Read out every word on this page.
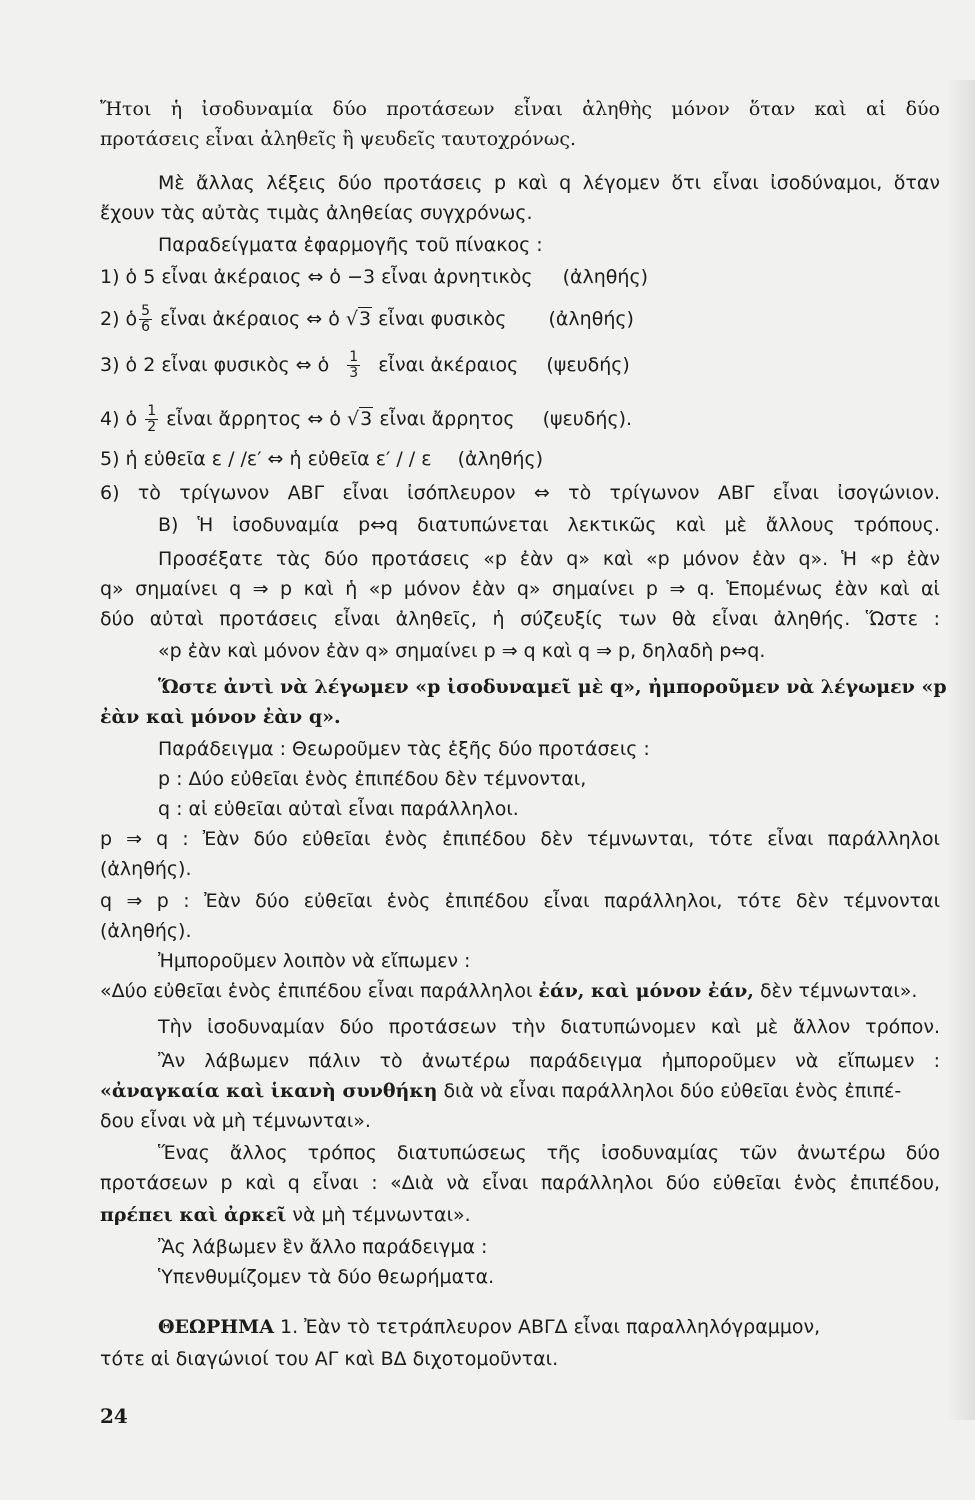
Ἤτοι ἡ ἰσοδυναμία δύο προτάσεων εἶναι ἀληθὴς μόνον ὅταν καὶ αἱ δύο
προτάσεις εἶναι ἀληθεῖς ἢ ψευδεῖς ταυτοχρόνως.
Μὲ ἄλλας λέξεις δύο προτάσεις p καὶ q λέγομεν ὅτι εἶναι ἰσοδύναμοι, ὅταν
ἔχουν τὰς αὐτὰς τιμὰς ἀληθείας συγχρόνως.
Παραδείγματα ἐφαρμογῆς τοῦ πίνακος :
1) ὁ 5 εἶναι ἀκέραιος ⇔ ὁ −3 εἶναι ἀρνητικὸς (ἀληθής)
2) ὁ $\frac{5}{6}$ εἶναι ἀκέραιος ⇔ ὁ √3 εἶναι φυσικὸς (ἀληθής)
3) ὁ 2 εἶναι φυσικὸς ⇔ ὁ $\frac{1}{3}$ εἶναι ἀκέραιος (ψευδής)
4) ὁ $\frac{1}{2}$ εἶναι ἄρρητος ⇔ ὁ √3 εἶναι ἄρρητος (ψευδής).
5) ἡ εὐθεῖα ε / /ε′ ⇔ ἡ εὐθεῖα ε′ / / ε (ἀληθής)
6) τὸ τρίγωνον ΑΒΓ εἶναι ἰσόπλευρον ⇔ τὸ τρίγωνον ΑΒΓ εἶναι ἰσογώνιον.
Β) Ἡ ἰσοδυναμία p⇔q διατυπώνεται λεκτικῶς καὶ μὲ ἄλλους τρόπους.
Προσέξατε τὰς δύο προτάσεις «p ἐὰν q» καὶ «p μόνον ἐὰν q». Ἡ «p ἐὰν
q» σημαίνει q ⇒ p καὶ ἡ «p μόνον ἐὰν q» σημαίνει p ⇒ q. Ἑπομένως ἐὰν καὶ αἱ
δύο αὐταὶ προτάσεις εἶναι ἀληθεῖς, ἡ σύζευξίς των θὰ εἶναι ἀληθής. Ὥστε :
«p ἐὰν καὶ μόνον ἐὰν q» σημαίνει p ⇒ q καὶ q ⇒ p, δηλαδὴ p⇔q.
Ὥστε ἀντὶ νὰ λέγωμεν «p ἰσοδυναμεῖ μὲ q», ἠμποροῦμεν νὰ λέγωμεν «p
ἐὰν καὶ μόνον ἐὰν q».
Παράδειγμα : Θεωροῦμεν τὰς ἑξῆς δύο προτάσεις :
p : Δύο εὐθεῖαι ἑνὸς ἐπιπέδου δὲν τέμνονται,
q : αἱ εὐθεῖαι αὐταὶ εἶναι παράλληλοι.
p ⇒ q : Ἐὰν δύο εὐθεῖαι ἑνὸς ἐπιπέδου δὲν τέμνωνται, τότε εἶναι παράλληλοι
(ἀληθής).
q ⇒ p : Ἐὰν δύο εὐθεῖαι ἑνὸς ἐπιπέδου εἶναι παράλληλοι, τότε δὲν τέμνονται
(ἀληθής).
Ἠμποροῦμεν λοιπὸν νὰ εἴπωμεν :
«Δύο εὐθεῖαι ἑνὸς ἐπιπέδου εἶναι παράλληλοι ἐάν, καὶ μόνον ἐάν, δὲν τέμνωνται».
Τὴν ἰσοδυναμίαν δύο προτάσεων τὴν διατυπώνομεν καὶ μὲ ἄλλον τρόπον.
Ἂν λάβωμεν πάλιν τὸ ἀνωτέρω παράδειγμα ἠμποροῦμεν νὰ εἴπωμεν :
«ἀναγκαία καὶ ἱκανὴ συνθήκη διὰ νὰ εἶναι παράλληλοι δύο εὐθεῖαι ἑνὸς ἐπιπέ-
δου εἶναι νὰ μὴ τέμνωνται».
Ἕνας ἄλλος τρόπος διατυπώσεως τῆς ἰσοδυναμίας τῶν ἀνωτέρω δύο
προτάσεων p καὶ q εἶναι : «Διὰ νὰ εἶναι παράλληλοι δύο εὐθεῖαι ἑνὸς ἐπιπέδου,
πρέπει καὶ ἀρκεῖ νὰ μὴ τέμνωνται».
Ἂς λάβωμεν ἓν ἄλλο παράδειγμα :
Ὑπενθυμίζομεν τὰ δύο θεωρήματα.
ΘΕΩΡΗΜΑ 1. Ἐὰν τὸ τετράπλευρον ΑΒΓΔ εἶναι παραλληλόγραμμον,
τότε αἱ διαγώνιοί του ΑΓ καὶ ΒΔ διχοτομοῦνται.
24
